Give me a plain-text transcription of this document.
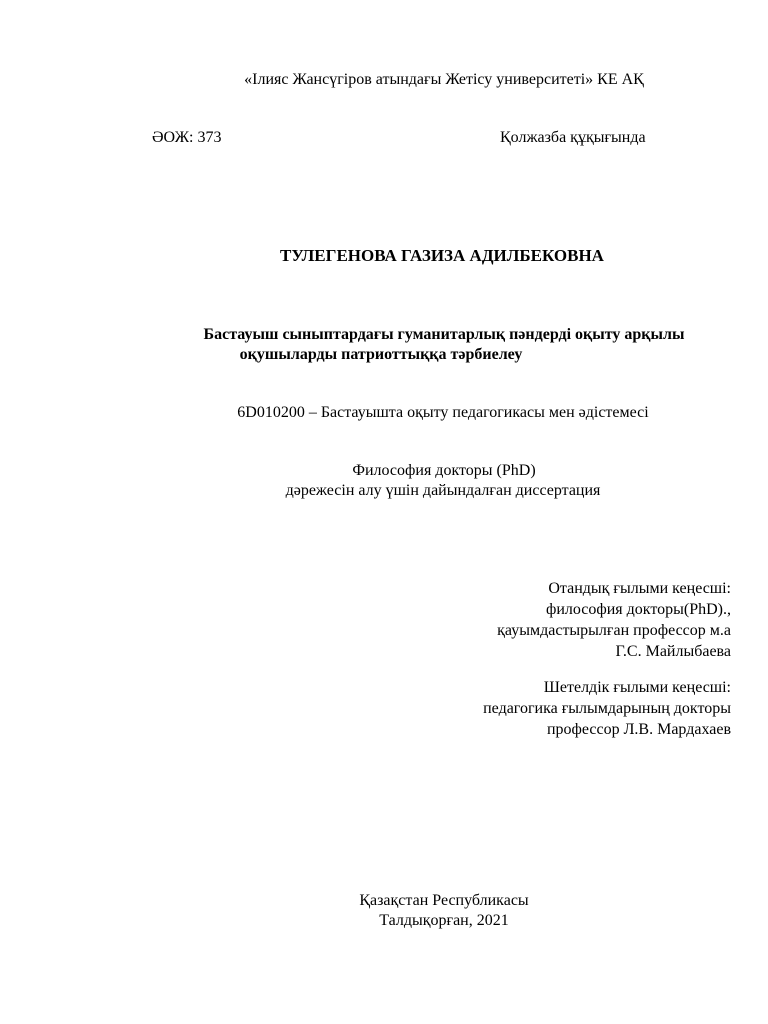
«Ілияс Жансүгіров атындағы Жетісу университеті» КЕ АҚ
ӘОЖ: 373	Қолжазба құқығында
ТУЛЕГЕНОВА ГАЗИЗА АДИЛБЕКОВНА
Бастауыш сыныптардағы гуманитарлық пәндерді оқыту арқылы
оқушыларды патриоттыққа тәрбиелеу
6D010200 – Бастауышта оқыту педагогикасы мен әдістемесі
Философия докторы (PhD)
дәрежесін алу үшін дайындалған диссертация
Отандық ғылыми кеңесші:
философия докторы(PhD).,
қауымдастырылған профессор м.а
Г.С. Майлыбаева
Шетелдік ғылыми кеңесші:
педагогика ғылымдарының докторы
профессор Л.В. Мардахаев
Қазақстан Республикасы
Талдықорған, 2021
